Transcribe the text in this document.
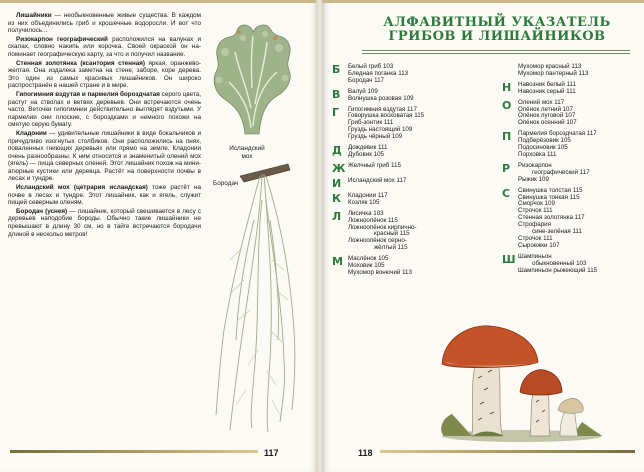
Лишайники — необыкновенные живые существа. В каждом из них объединились гриб и крошечные водоросли. И вот что получилось...

Ризокарпон географический расположился на валунах и скалах, словно накипь или корочка. Своей окраской он напоминает географическую карту, за что и получил название.

Стенная золотянка (ксантория стенная) яркая, оранжево-желтая. Она издалека заметна на стене, заборе, коре дерева. Это один из самых красивых лишайников. Он широко распространён в нашей стране и в мире.

Гипогимния вздутая и пармелия бороздчатая серого цвета, растут на стволах и ветвях деревьев. Они встречаются очень часто. Веточки гипогимнии действительно выглядят вздутыми. У пармелии они плоские, с бороздками и немного похожи на смятую серую бумагу.

Кладонии — удивительные лишайники в виде бокальчиков и причудливо изогнутых столбиков. Они расположились на пнях, поваленных гниющих деревьях или прямо на земле. Кладонии очень разнообразны. К ним относится и знаменитый олений мох (ягель) — пища северных оленей. Этот лишайник похож на миниатюрные кустики или деревца. Растёт на поверхности почвы в лесах и тундре.

Исландский мох (цетрария исландская) тоже растёт на почве в лесах и тундре. Этот лишайник, как и ягель, служит пищей северным оленям.

Бородач (уснея) — лишайник, который свешивается в лесу с деревьев наподобие бороды. Обычно такие лишайники не превышают в длину 30 см, но в тайге встречаются бородачи длиной в нескольо метров!

Исландский мох
Бородач
117
АЛФАВИТНЫЙ УКАЗАТЕЛЬ
ГРИБОВ И ЛИШАЙНИКОВ
Б	Белый гриб 103
Бледная поганка 113
Бородач 117
В	Валуй 109
Волнушка розовая 109
Г	Гипогимния вздутая 117
Говорушка восковатая 115
Гриб-зонтик 111
Груздь настоящий 109
Груздь чёрный 109
Д	Дождевик 111
Дубовик 105
Ж Желчный гриб 115
И	Исландский мох 117
К	Кладонии 117
Козляк 105
Л	Лисичка 103
Ложноопёнок 115
Ложноопёнок кирпично-
красный 115
Ложноопёнок серно-
жёлтый 115
М Маслёнок 105
Моховик 105
Мухомор вонючий 113
Мухомор красный 113
Мухомор пантерный 113
Н	Навозник белый 111
Навозник серый 111
О	Олений мох 117
Опёнок летний 107
Опёнок луговой 107
Опёнок осенний 107
П	Пармелия бороздчатая 117
Подберёзовик 105
Подосиновик 105
Порховка 111
Р	Ризокарпон
географический 117
Рыжик 109
С	Свинушка толстая 115
Свинушка тонкая 115
Сморчок 109
Строчок 111
Стенная золотянка 117
Строфария
сине-зелёная 111
Строчок 111
Сыроежки 107
Ш Шампиньон
обыкновенный 103
Шампиньон рыжеющий 115
118
